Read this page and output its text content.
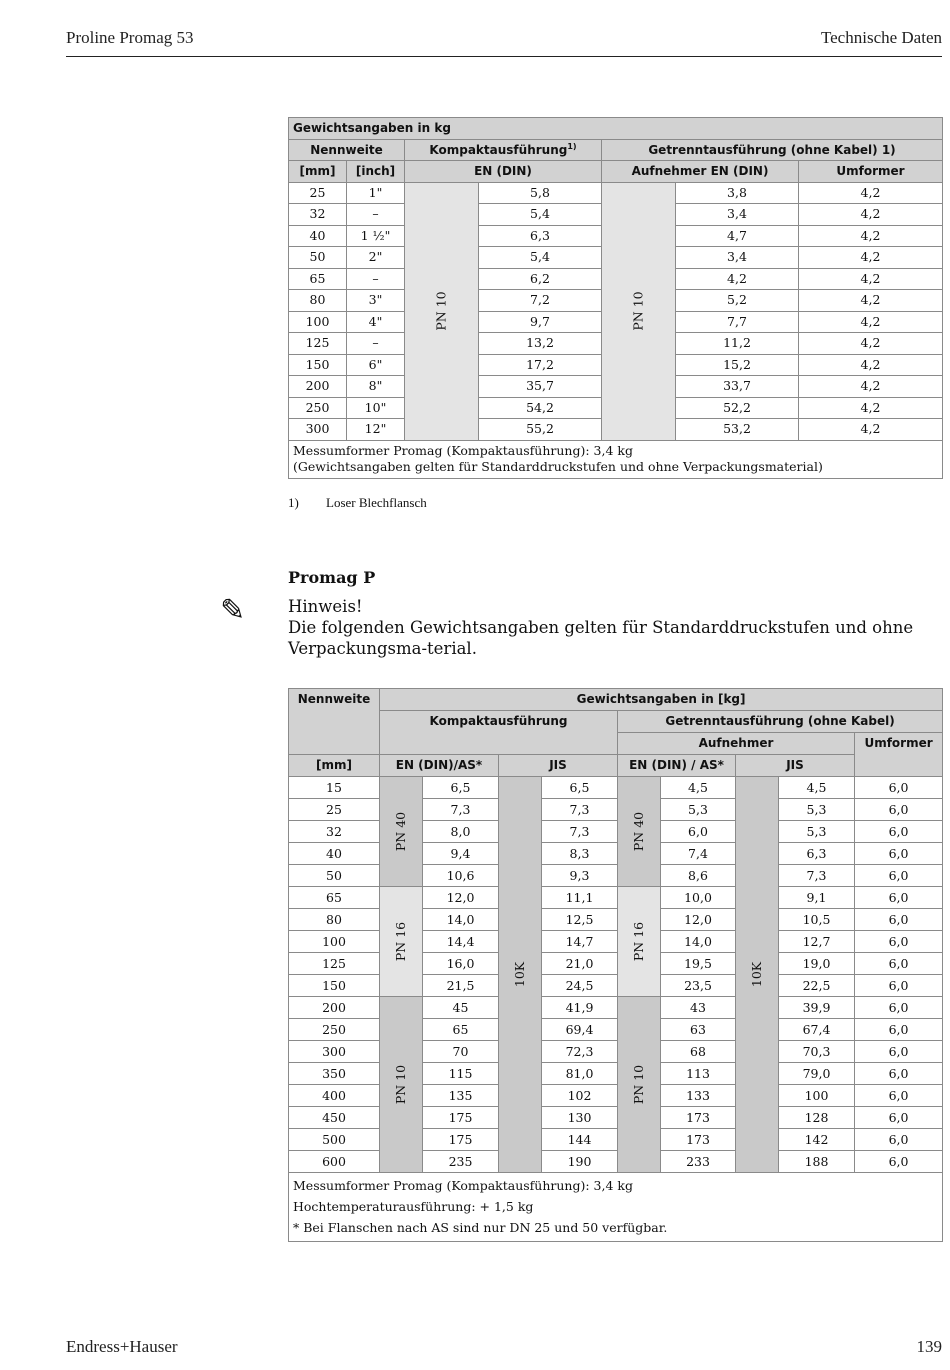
Proline Promag 53	Technische Daten
Gewichtsangaben in kg						
Nennweite		Kompaktausführung$^{1)}$		Getrenntausführung (ohne Kabel) 1)		
[mm]	[inch]	EN (DIN)		Aufnehmer EN (DIN)		Umformer
25	1"	PN 10	5,8	PN 10	3,8	4,2
32	–		5,4		3,4	4,2
40	1 ½"		6,3		4,7	4,2
50	2"		5,4		3,4	4,2
65	–		6,2		4,2	4,2
80	3"		7,2		5,2	4,2
100	4"		9,7		7,7	4,2
125	–		13,2		11,2	4,2
150	6"		17,2		15,2	4,2
200	8"		35,7		33,7	4,2
250	10"		54,2		52,2	4,2
300	12"		55,2		53,2	4,2

Messumformer Promag (Kompaktausführung): 3,4 kg
(Gewichtsangaben gelten für Standarddruckstufen und ohne Verpackungsmaterial)						
1) Loser Blechflansch
Promag P
✎	Hinweis!
Die folgenden Gewichtsangaben gelten für Standarddruckstufen und ohne Verpackungsma-terial.
Nennweite	Gewichtsangaben in [kg]								
	Kompaktausführung				Getrenntausführung (ohne Kabel)				
					Aufnehmer				Umformer
[mm]	EN (DIN)/AS*		JIS		EN (DIN) / AS*		JIS		
15	PN 40	6,5	10K	6,5	PN 40	4,5	10K	4,5	6,0
25		7,3		7,3		5,3		5,3	6,0
32		8,0		7,3		6,0		5,3	6,0
40		9,4		8,3		7,4		6,3	6,0
50		10,6		9,3		8,6		7,3	6,0
65	PN 16	12,0		11,1	PN 16	10,0		9,1	6,0
80		14,0		12,5		12,0		10,5	6,0
100		14,4		14,7		14,0		12,7	6,0
125		16,0		21,0		19,5		19,0	6,0
150		21,5		24,5		23,5		22,5	6,0
200	PN 10	45		41,9	PN 10	43		39,9	6,0
250		65		69,4		63		67,4	6,0
300		70		72,3		68		70,3	6,0
350		115		81,0		113		79,0	6,0
400		135		102		133		100	6,0
450		175		130		173		128	6,0
500		175		144		173		142	6,0
600		235		190		233		188	6,0

Messumformer Promag (Kompaktausführung): 3,4 kg
Hochtemperaturausführung: + 1,5 kg
* Bei Flanschen nach AS sind nur DN 25 und 50 verfügbar.									
Endress+Hauser	139
